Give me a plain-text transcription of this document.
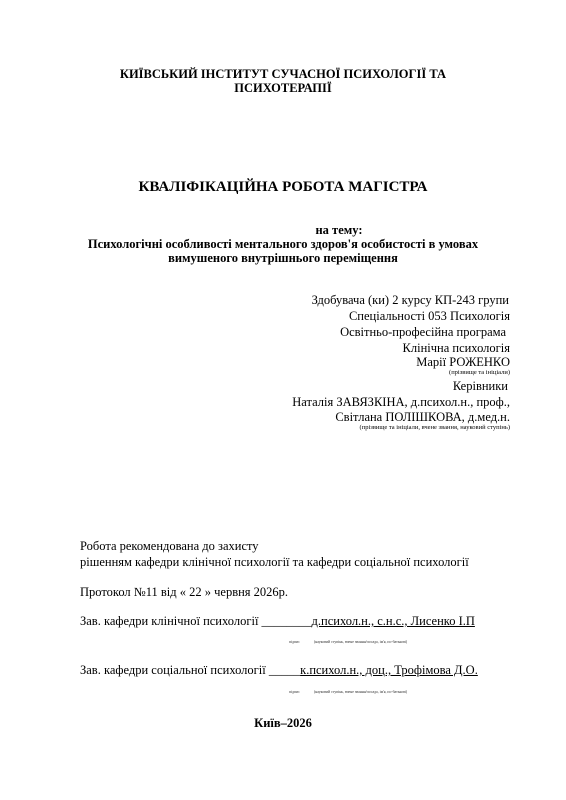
КИЇВСЬКИЙ ІНСТИТУТ СУЧАСНОЇ ПСИХОЛОГІЇ ТА
ПСИХОТЕРАПІЇ
КВАЛІФІКАЦІЙНА РОБОТА МАГІСТРА
на тему:
Психологічні особливості ментального здоров'я особистості в умовах
вимушеного внутрішнього переміщення
Здобувача (ки) 2 курсу КП-243 групи
Спеціальності 053 Психологія
Освітньо-професійна програма
Клінічна психологія
Марії РОЖЕНКО
(прізвище та ініціали)
Керівники
Наталія ЗАВЯЗКІНА, д.психол.н., проф.,
Світлана ПОЛІШКОВА, д.мед.н.
(прізвище та ініціали, вчене звання, науковий ступінь)
Робота рекомендована до захисту
рішенням кафедри клінічної психології та кафедри соціальної психології
Протокол №11 від « 22 » червня 2026р.
Зав. кафедри клінічної психології ________д.психол.н., с.н.с., Лисенко І.П
підпис	(науковий ступінь, вчене звання/посада, ім'я, по-батькові)
Зав. кафедри соціальної психології _____к.психол.н., доц., Трофімова Д.О.
підпис	(науковий ступінь, вчене звання/посада, ім'я, по-батькові)
Київ–2026
